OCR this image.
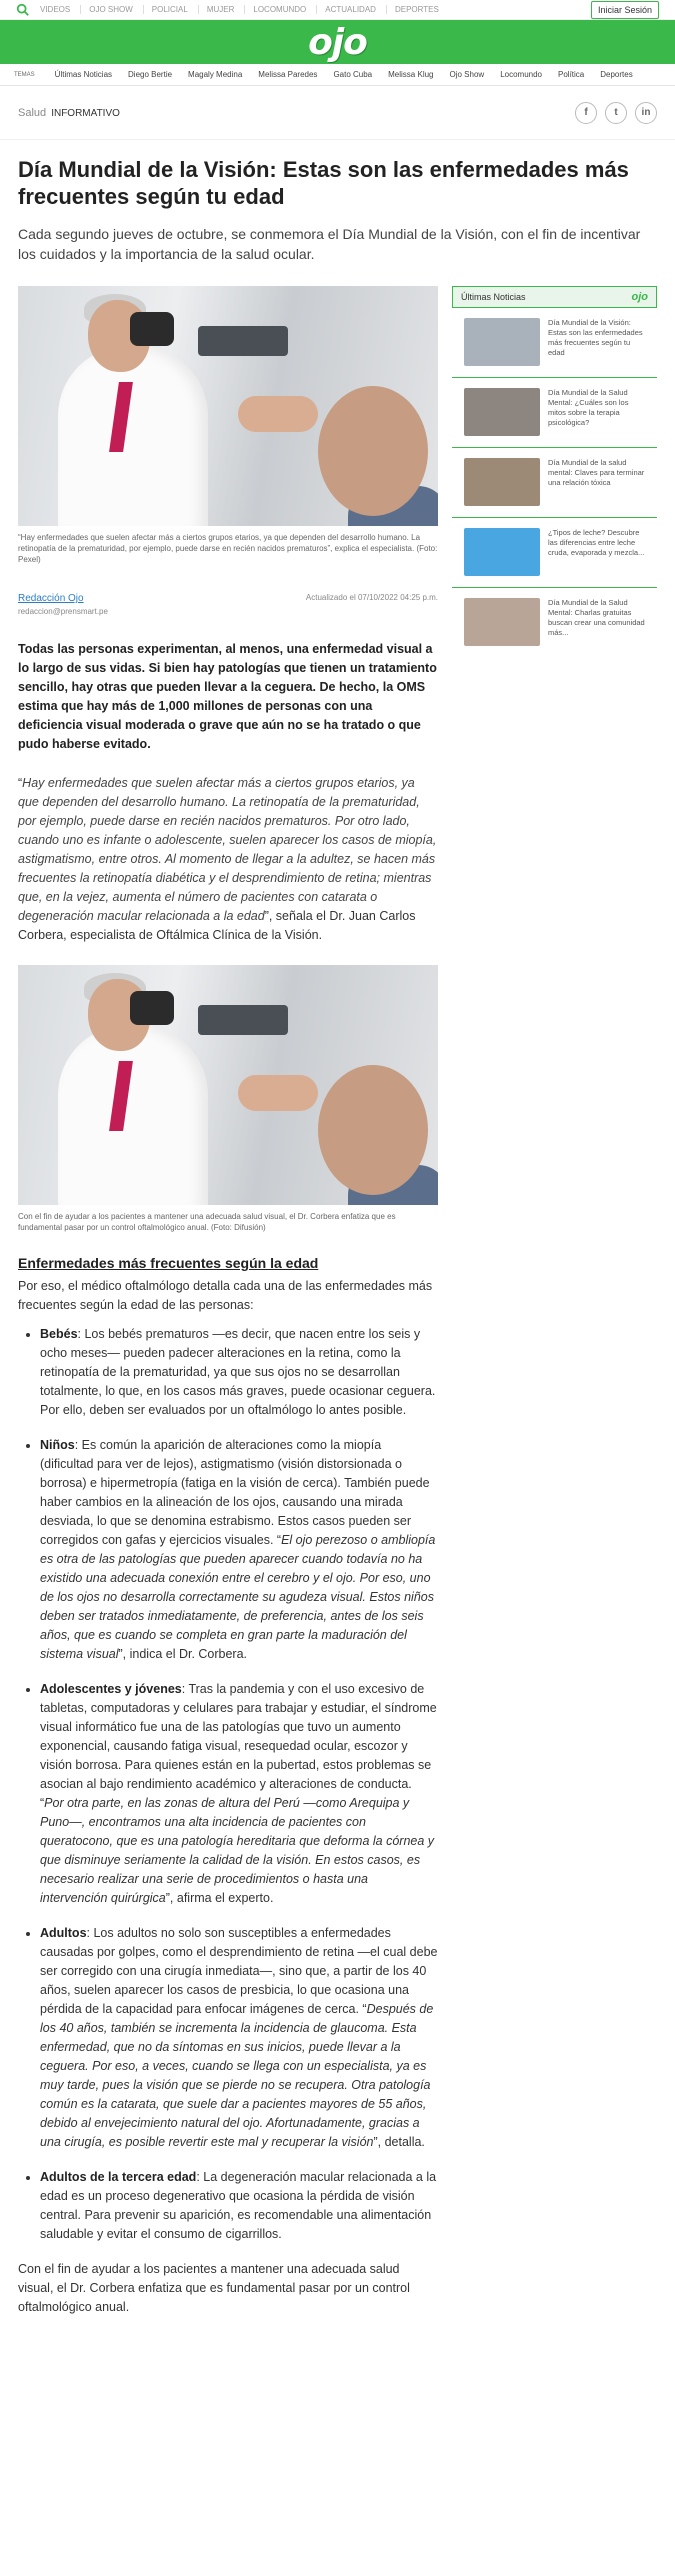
VIDEOS	OJO SHOW	POLICIAL	MUJER	LOCOMUNDO	ACTUALIDAD	DEPORTES	Iniciar Sesión
ojo
TEMAS	Últimas Noticias Diego Bertie Magaly Medina Melissa Paredes Gato Cuba Melissa Klug Ojo Show Locomundo Política Deportes
Salud INFORMATIVO	f	t	in
Día Mundial de la Visión: Estas son las enfermedades más frecuentes según tu edad

Cada segundo jueves de octubre, se conmemora el Día Mundial de la Visión, con el fin de incentivar los cuidados y la importancia de la salud ocular.

“Hay enfermedades que suelen afectar más a ciertos grupos etarios, ya que dependen del desarrollo humano. La retinopatía de la prematuridad, por ejemplo, puede darse en recién nacidos prematuros”, explica el especialista. (Foto: Pexel)

Redacción Ojo
redaccion@prensmart.pe
Actualizado el 07/10/2022 04:25 p.m.

Todas las personas experimentan, al menos, una enfermedad visual a lo largo de sus vidas. Si bien hay patologías que tienen un tratamiento sencillo, hay otras que pueden llevar a la ceguera. De hecho, la OMS estima que hay más de 1,000 millones de personas con una deficiencia visual moderada o grave que aún no se ha tratado o que pudo haberse evitado.

“Hay enfermedades que suelen afectar más a ciertos grupos etarios, ya que dependen del desarrollo humano. La retinopatía de la prematuridad, por ejemplo, puede darse en recién nacidos prematuros. Por otro lado, cuando uno es infante o adolescente, suelen aparecer los casos de miopía, astigmatismo, entre otros. Al momento de llegar a la adultez, se hacen más frecuentes la retinopatía diabética y el desprendimiento de retina; mientras que, en la vejez, aumenta el número de pacientes con catarata o degeneración macular relacionada a la edad”, señala el Dr. Juan Carlos Corbera, especialista de Oftálmica Clínica de la Visión.

Con el fin de ayudar a los pacientes a mantener una adecuada salud visual, el Dr. Corbera enfatiza que es fundamental pasar por un control oftalmológico anual. (Foto: Difusión)

Enfermedades más frecuentes según la edad

Por eso, el médico oftalmólogo detalla cada una de las enfermedades más frecuentes según la edad de las personas:

• Bebés: Los bebés prematuros —es decir, que nacen entre los seis y ocho meses— pueden padecer alteraciones en la retina, como la retinopatía de la prematuridad, ya que sus ojos no se desarrollan totalmente, lo que, en los casos más graves, puede ocasionar ceguera. Por ello, deben ser evaluados por un oftalmólogo lo antes posible.
• Niños: Es común la aparición de alteraciones como la miopía (dificultad para ver de lejos), astigmatismo (visión distorsionada o borrosa) e hipermetropía (fatiga en la visión de cerca). También puede haber cambios en la alineación de los ojos, causando una mirada desviada, lo que se denomina estrabismo. Estos casos pueden ser corregidos con gafas y ejercicios visuales. “El ojo perezoso o ambliopía es otra de las patologías que pueden aparecer cuando todavía no ha existido una adecuada conexión entre el cerebro y el ojo. Por eso, uno de los ojos no desarrolla correctamente su agudeza visual. Estos niños deben ser tratados inmediatamente, de preferencia, antes de los seis años, que es cuando se completa en gran parte la maduración del sistema visual”, indica el Dr. Corbera.
• Adolescentes y jóvenes: Tras la pandemia y con el uso excesivo de tabletas, computadoras y celulares para trabajar y estudiar, el síndrome visual informático fue una de las patologías que tuvo un aumento exponencial, causando fatiga visual, resequedad ocular, escozor y visión borrosa. Para quienes están en la pubertad, estos problemas se asocian al bajo rendimiento académico y alteraciones de conducta. “Por otra parte, en las zonas de altura del Perú —como Arequipa y Puno—, encontramos una alta incidencia de pacientes con queratocono, que es una patología hereditaria que deforma la córnea y que disminuye seriamente la calidad de la visión. En estos casos, es necesario realizar una serie de procedimientos o hasta una intervención quirúrgica”, afirma el experto.
• Adultos: Los adultos no solo son susceptibles a enfermedades causadas por golpes, como el desprendimiento de retina —el cual debe ser corregido con una cirugía inmediata—, sino que, a partir de los 40 años, suelen aparecer los casos de presbicia, lo que ocasiona una pérdida de la capacidad para enfocar imágenes de cerca. “Después de los 40 años, también se incrementa la incidencia de glaucoma. Esta enfermedad, que no da síntomas en sus inicios, puede llevar a la ceguera. Por eso, a veces, cuando se llega con un especialista, ya es muy tarde, pues la visión que se pierde no se recupera. Otra patología común es la catarata, que suele dar a pacientes mayores de 55 años, debido al envejecimiento natural del ojo. Afortunadamente, gracias a una cirugía, es posible revertir este mal y recuperar la visión”, detalla.
• Adultos de la tercera edad: La degeneración macular relacionada a la edad es un proceso degenerativo que ocasiona la pérdida de visión central. Para prevenir su aparición, es recomendable una alimentación saludable y evitar el consumo de cigarrillos.

Con el fin de ayudar a los pacientes a mantener una adecuada salud visual, el Dr. Corbera enfatiza que es fundamental pasar por un control oftalmológico anual.

Últimas Noticias	ojo
Día Mundial de la Visión: Estas son las enfermedades más frecuentes según tu edad
Día Mundial de la Salud Mental: ¿Cuáles son los mitos sobre la terapia psicológica?
Día Mundial de la salud mental: Claves para terminar una relación tóxica
¿Tipos de leche? Descubre las diferencias entre leche cruda, evaporada y mezcla...
Día Mundial de la Salud Mental: Charlas gratuitas buscan crear una comunidad más...
